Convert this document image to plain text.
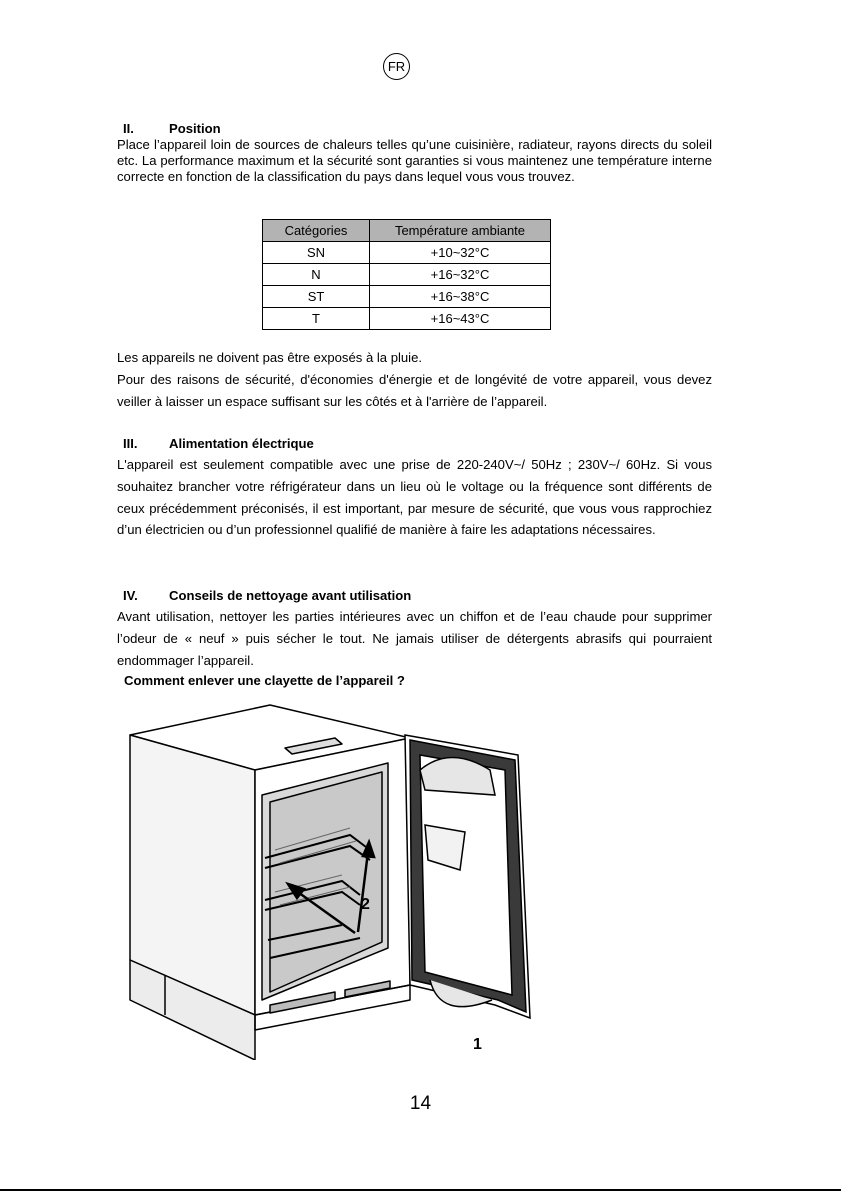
FR
II.	Position

Place l’appareil loin de sources de chaleurs telles qu’une cuisinière, radiateur, rayons directs du soleil etc. La performance maximum et la sécurité sont garanties si vous maintenez une température interne correcte en fonction de la classification du pays dans lequel vous vous trouvez.

Catégories	Température ambiante
SN	+10~32°C
N	+16~32°C
ST	+16~38°C
T	+16~43°C

Les appareils ne doivent pas être exposés à la pluie.

Pour des raisons de sécurité, d'économies d'énergie et de longévité de votre appareil, vous devez veiller à laisser un espace suffisant sur les côtés et à l'arrière de l’appareil.

III. Alimentation électrique

L'appareil est seulement compatible avec une prise de 220-240V~/ 50Hz ; 230V~/ 60Hz. Si vous souhaitez brancher votre réfrigérateur dans un lieu où le voltage ou la fréquence sont différents de ceux précédemment préconisés, il est important, par mesure de sécurité, que vous vous rapprochiez d’un électricien ou d’un professionnel qualifié de manière à faire les adaptations nécessaires.

IV. Conseils de nettoyage avant utilisation

Avant utilisation, nettoyer les parties intérieures avec un chiffon et de l’eau chaude pour supprimer l’odeur de « neuf » puis sécher le tout. Ne jamais utiliser de détergents abrasifs qui pourraient endommager l’appareil.

Comment enlever une clayette de l’appareil ?
2
1
14
